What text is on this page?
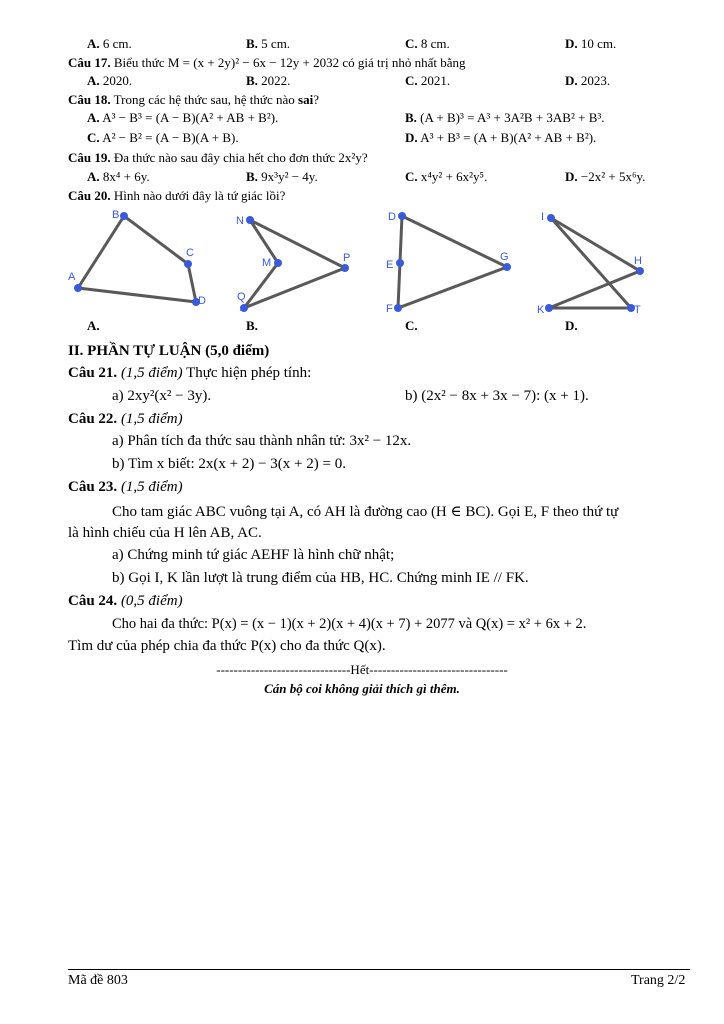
A. 6 cm.	B. 5 cm.	C. 8 cm.	D. 10 cm.
Câu 17. Biểu thức M = (x + 2y)² − 6x − 12y + 2032 có giá trị nhỏ nhất bằng
A. 2020.	B. 2022.	C. 2021.	D. 2023.
Câu 18. Trong các hệ thức sau, hệ thức nào sai?
A. A³ − B³ = (A − B)(A² + AB + B²).	B. (A + B)³ = A³ + 3A²B + 3AB² + B³.
C. A² − B² = (A − B)(A + B).	D. A³ + B³ = (A + B)(A² + AB + B²).
Câu 19. Đa thức nào sau đây chia hết cho đơn thức 2x²y?
A. 8x⁴ + 6y.	B. 9x³y² − 4y.	C. x⁴y² + 6x²y⁵.	D. −2x² + 5x⁶y.
Câu 20. Hình nào dưới đây là tứ giác lồi?
A
B
C
D
N
M	P
Q
D
E
G
F
I
H
K	T
A.	B.	C.	D.
II. PHẦN TỰ LUẬN (5,0 điểm)
Câu 21. (1,5 điểm) Thực hiện phép tính:
a) 2xy²(x² − 3y).	b) (2x² − 8x + 3x − 7): (x + 1).
Câu 22. (1,5 điểm)
a) Phân tích đa thức sau thành nhân tử: 3x² − 12x.
b) Tìm x biết: 2x(x + 2) − 3(x + 2) = 0.
Câu 23. (1,5 điểm)
Cho tam giác ABC vuông tại A, có AH là đường cao (H ∈ BC). Gọi E, F theo thứ tự
là hình chiếu của H lên AB, AC.
a) Chứng minh tứ giác AEHF là hình chữ nhật;
b) Gọi I, K lần lượt là trung điểm của HB, HC. Chứng minh IE // FK.
Câu 24. (0,5 điểm)
Cho hai đa thức: P(x) = (x − 1)(x + 2)(x + 4)(x + 7) + 2077 và Q(x) = x² + 6x + 2.
Tìm dư của phép chia đa thức P(x) cho đa thức Q(x).
-------------------------------Hết--------------------------------
Cán bộ coi không giải thích gì thêm.
Mã đề 803	Trang 2/2
